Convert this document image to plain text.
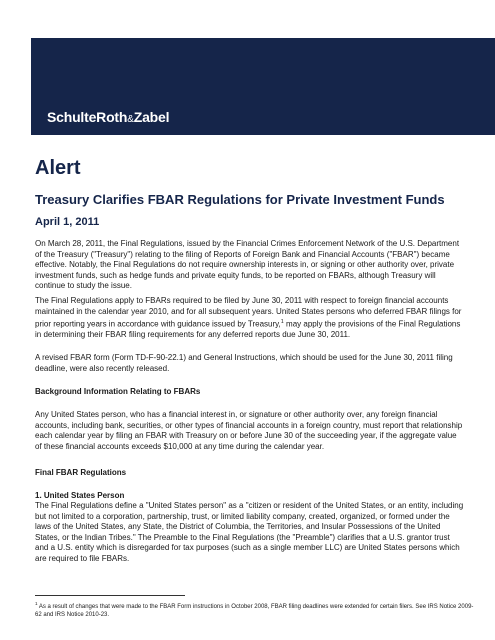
SchulteRoth&Zabel
Alert
Treasury Clarifies FBAR Regulations for Private Investment Funds
April 1, 2011
On March 28, 2011, the Final Regulations, issued by the Financial Crimes Enforcement Network of the U.S. Department of the Treasury ("Treasury") relating to the filing of Reports of Foreign Bank and Financial Accounts ("FBAR") became effective. Notably, the Final Regulations do not require ownership interests in, or signing or other authority over, private investment funds, such as hedge funds and private equity funds, to be reported on FBARs, although Treasury will continue to study the issue.
The Final Regulations apply to FBARs required to be filed by June 30, 2011 with respect to foreign financial accounts maintained in the calendar year 2010, and for all subsequent years. United States persons who deferred FBAR filings for prior reporting years in accordance with guidance issued by Treasury,$^1$ may apply the provisions of the Final Regulations in determining their FBAR filing requirements for any deferred reports due June 30, 2011.
A revised FBAR form (Form TD-F-90-22.1) and General Instructions, which should be used for the June 30, 2011 filing deadline, were also recently released.
Background Information Relating to FBARs
Any United States person, who has a financial interest in, or signature or other authority over, any foreign financial accounts, including bank, securities, or other types of financial accounts in a foreign country, must report that relationship each calendar year by filing an FBAR with Treasury on or before June 30 of the succeeding year, if the aggregate value of these financial accounts exceeds $10,000 at any time during the calendar year.
Final FBAR Regulations
1. United States Person
The Final Regulations define a "United States person" as a "citizen or resident of the United States, or an entity, including but not limited to a corporation, partnership, trust, or limited liability company, created, organized, or formed under the laws of the United States, any State, the District of Columbia, the Territories, and Insular Possessions of the United States, or the Indian Tribes." The Preamble to the Final Regulations (the "Preamble") clarifies that a U.S. grantor trust and a U.S. entity which is disregarded for tax purposes (such as a single member LLC) are United States persons which are required to file FBARs.
$^1$ As a result of changes that were made to the FBAR Form instructions in October 2008, FBAR filing deadlines were extended for certain filers. See IRS Notice 2009-62 and IRS Notice 2010-23.
